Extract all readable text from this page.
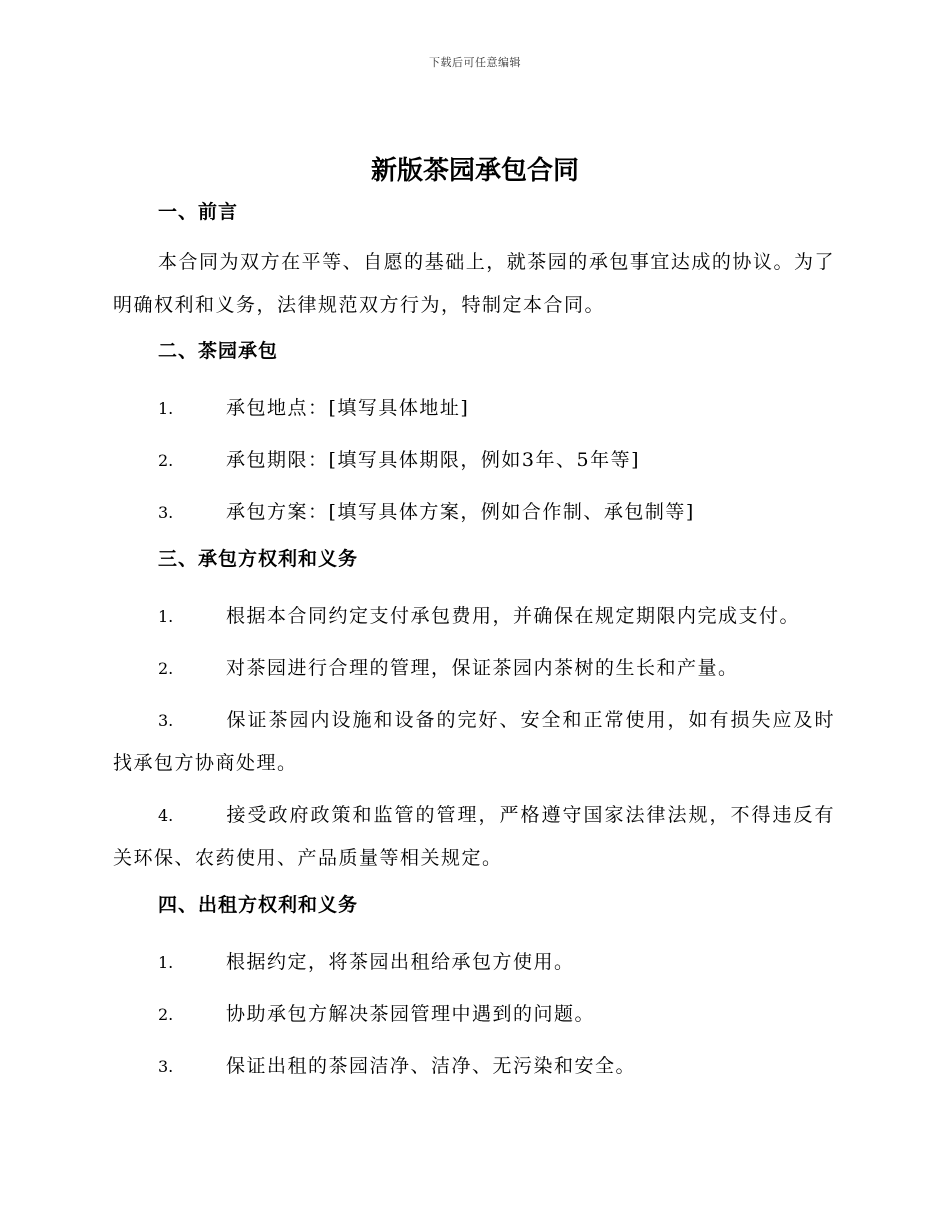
下载后可任意编辑
新版茶园承包合同
一、前言

本合同为双方在平等、自愿的基础上，就茶园的承包事宜达成的协议。为了明确权利和义务，法律规范双方行为，特制定本合同。

二、茶园承包
1.	承包地点：[填写具体地址]
2.	承包期限：[填写具体期限，例如3年、5年等]
3.	承包方案：[填写具体方案，例如合作制、承包制等]
三、承包方权利和义务
1.	根据本合同约定支付承包费用，并确保在规定期限内完成支付。
2.	对茶园进行合理的管理，保证茶园内茶树的生长和产量。
3.	保证茶园内设施和设备的完好、安全和正常使用，如有损失应及时找承包方协商处理。
4.	接受政府政策和监管的管理，严格遵守国家法律法规，不得违反有关环保、农药使用、产品质量等相关规定。
四、出租方权利和义务
1.	根据约定，将茶园出租给承包方使用。
2.	协助承包方解决茶园管理中遇到的问题。
3.	保证出租的茶园洁净、洁净、无污染和安全。
